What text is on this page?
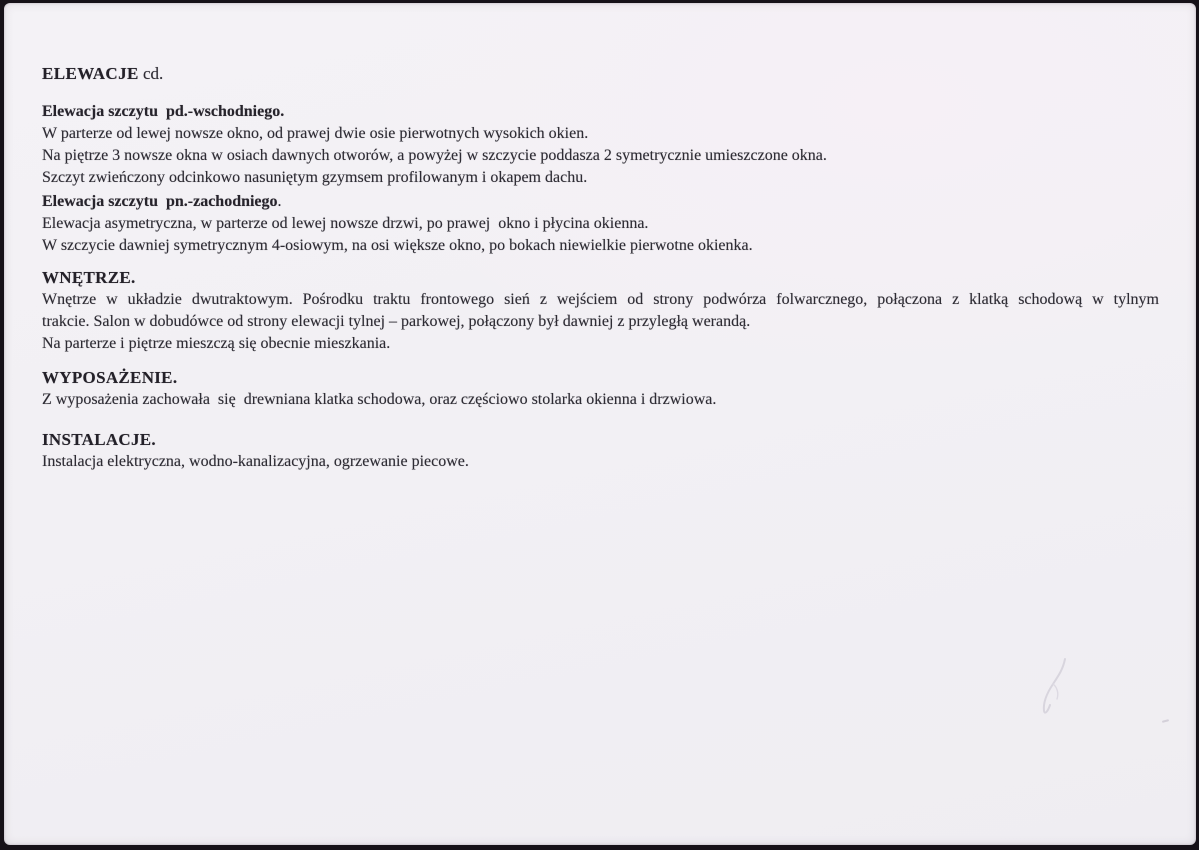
ELEWACJE cd.

Elewacja szczytu  pd.-wschodniego.

W parterze od lewej nowsze okno, od prawej dwie osie pierwotnych wysokich okien.

Na piętrze 3 nowsze okna w osiach dawnych otworów, a powyżej w szczycie poddasza 2 symetrycznie umieszczone okna.

Szczyt zwieńczony odcinkowo nasuniętym gzymsem profilowanym i okapem dachu.

Elewacja szczytu  pn.-zachodniego.

Elewacja asymetryczna, w parterze od lewej nowsze drzwi, po prawej  okno i płycina okienna.

W szczycie dawniej symetrycznym 4-osiowym, na osi większe okno, po bokach niewielkie pierwotne okienka.

WNĘTRZE.

Wnętrze w układzie dwutraktowym. Pośrodku traktu frontowego sień z wejściem od strony podwórza folwarcznego, połączona z klatką schodową w tylnym

trakcie. Salon w dobudówce od strony elewacji tylnej – parkowej, połączony był dawniej z przyległą werandą.

Na parterze i piętrze mieszczą się obecnie mieszkania.

WYPOSAŻENIE.

Z wyposażenia zachowała  się  drewniana klatka schodowa, oraz częściowo stolarka okienna i drzwiowa.

INSTALACJE.

Instalacja elektryczna, wodno-kanalizacyjna, ogrzewanie piecowe.
